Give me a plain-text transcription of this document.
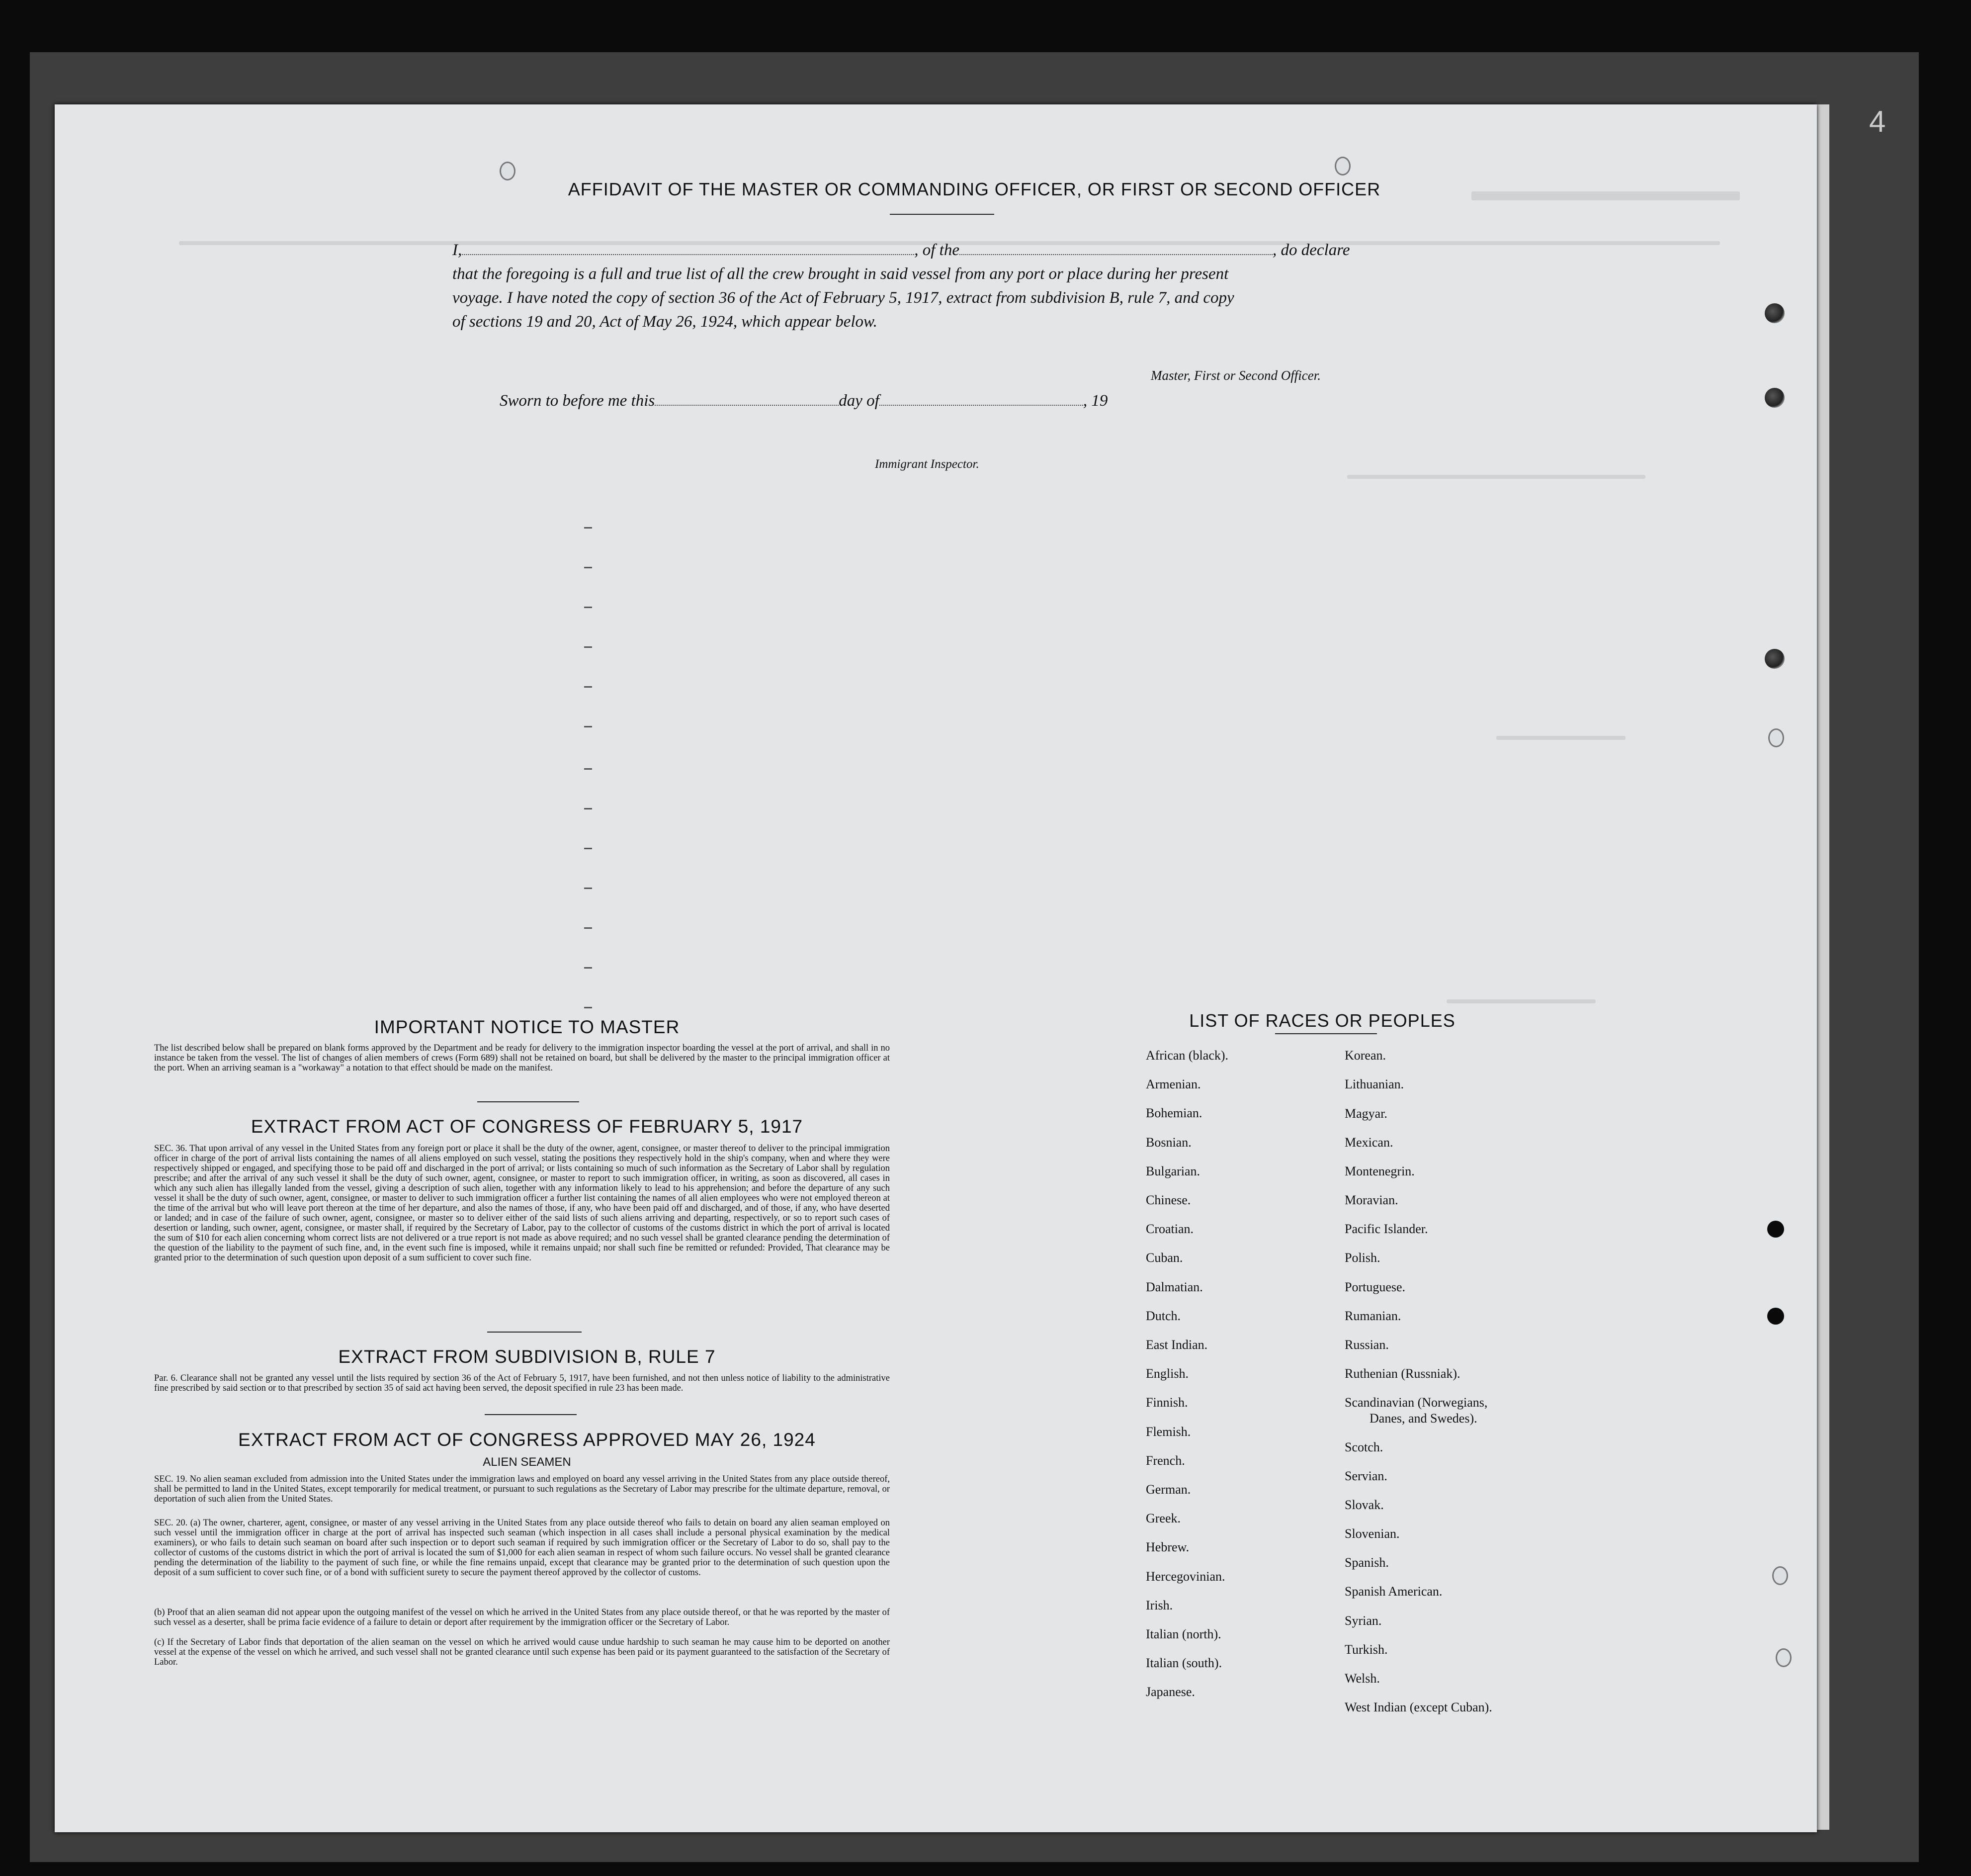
4
AFFIDAVIT OF THE MASTER OR COMMANDING OFFICER, OR FIRST OR SECOND OFFICER
I,	, of the	, do declare
that the foregoing is a full and true list of all the crew brought in said vessel from any port or place during her present
voyage. I have noted the copy of section 36 of the Act of February 5, 1917, extract from subdivision B, rule 7, and copy
of sections 19 and 20, Act of May 26, 1924, which appear below.
Master, First or Second Officer.
Sworn to before me this	day of	, 19
Immigrant Inspector.
IMPORTANT NOTICE TO MASTER
The list described below shall be prepared on blank forms approved by the Department and be ready for delivery to the immigration inspector boarding the vessel at the port of arrival, and shall in no instance be taken from the vessel. The list of changes of alien members of crews (Form 689) shall not be retained on board, but shall be delivered by the master to the principal immigration officer at the port. When an arriving seaman is a "workaway" a notation to that effect should be made on the manifest.
EXTRACT FROM ACT OF CONGRESS OF FEBRUARY 5, 1917
SEC. 36. That upon arrival of any vessel in the United States from any foreign port or place it shall be the duty of the owner, agent, consignee, or master thereof to deliver to the principal immigration officer in charge of the port of arrival lists containing the names of all aliens employed on such vessel, stating the positions they respectively hold in the ship's company, when and where they were respectively shipped or engaged, and specifying those to be paid off and discharged in the port of arrival; or lists containing so much of such information as the Secretary of Labor shall by regulation prescribe; and after the arrival of any such vessel it shall be the duty of such owner, agent, consignee, or master to report to such immigration officer, in writing, as soon as discovered, all cases in which any such alien has illegally landed from the vessel, giving a description of such alien, together with any information likely to lead to his apprehension; and before the departure of any such vessel it shall be the duty of such owner, agent, consignee, or master to deliver to such immigration officer a further list containing the names of all alien employees who were not employed thereon at the time of the arrival but who will leave port thereon at the time of her departure, and also the names of those, if any, who have been paid off and discharged, and of those, if any, who have deserted or landed; and in case of the failure of such owner, agent, consignee, or master so to deliver either of the said lists of such aliens arriving and departing, respectively, or so to report such cases of desertion or landing, such owner, agent, consignee, or master shall, if required by the Secretary of Labor, pay to the collector of customs of the customs district in which the port of arrival is located the sum of $10 for each alien concerning whom correct lists are not delivered or a true report is not made as above required; and no such vessel shall be granted clearance pending the determination of the question of the liability to the payment of such fine, and, in the event such fine is imposed, while it remains unpaid; nor shall such fine be remitted or refunded: Provided, That clearance may be granted prior to the determination of such question upon deposit of a sum sufficient to cover such fine.
EXTRACT FROM SUBDIVISION B, RULE 7
Par. 6. Clearance shall not be granted any vessel until the lists required by section 36 of the Act of February 5, 1917, have been furnished, and not then unless notice of liability to the administrative fine prescribed by said section or to that prescribed by section 35 of said act having been served, the deposit specified in rule 23 has been made.
EXTRACT FROM ACT OF CONGRESS APPROVED MAY 26, 1924
ALIEN SEAMEN
SEC. 19. No alien seaman excluded from admission into the United States under the immigration laws and employed on board any vessel arriving in the United States from any place outside thereof, shall be permitted to land in the United States, except temporarily for medical treatment, or pursuant to such regulations as the Secretary of Labor may prescribe for the ultimate departure, removal, or deportation of such alien from the United States.
SEC. 20. (a) The owner, charterer, agent, consignee, or master of any vessel arriving in the United States from any place outside thereof who fails to detain on board any alien seaman employed on such vessel until the immigration officer in charge at the port of arrival has inspected such seaman (which inspection in all cases shall include a personal physical examination by the medical examiners), or who fails to detain such seaman on board after such inspection or to deport such seaman if required by such immigration officer or the Secretary of Labor to do so, shall pay to the collector of customs of the customs district in which the port of arrival is located the sum of $1,000 for each alien seaman in respect of whom such failure occurs. No vessel shall be granted clearance pending the determination of the liability to the payment of such fine, or while the fine remains unpaid, except that clearance may be granted prior to the determination of such question upon the deposit of a sum sufficient to cover such fine, or of a bond with sufficient surety to secure the payment thereof approved by the collector of customs.
(b) Proof that an alien seaman did not appear upon the outgoing manifest of the vessel on which he arrived in the United States from any place outside thereof, or that he was reported by the master of such vessel as a deserter, shall be prima facie evidence of a failure to detain or deport after requirement by the immigration officer or the Secretary of Labor.
(c) If the Secretary of Labor finds that deportation of the alien seaman on the vessel on which he arrived would cause undue hardship to such seaman he may cause him to be deported on another vessel at the expense of the vessel on which he arrived, and such vessel shall not be granted clearance until such expense has been paid or its payment guaranteed to the satisfaction of the Secretary of Labor.
LIST OF RACES OR PEOPLES
African (black).
Armenian.
Bohemian.
Bosnian.
Bulgarian.
Chinese.
Croatian.
Cuban.
Dalmatian.
Dutch.
East Indian.
English.
Finnish.
Flemish.
French.
German.
Greek.
Hebrew.
Hercegovinian.
Irish.
Italian (north).
Italian (south).
Japanese.
Korean.
Lithuanian.
Magyar.
Mexican.
Montenegrin.
Moravian.
Pacific Islander.
Polish.
Portuguese.
Rumanian.
Russian.
Ruthenian (Russniak).
Scandinavian (Norwegians,
Danes, and Swedes).
Scotch.
Servian.
Slovak.
Slovenian.
Spanish.
Spanish American.
Syrian.
Turkish.
Welsh.
West Indian (except Cuban).
